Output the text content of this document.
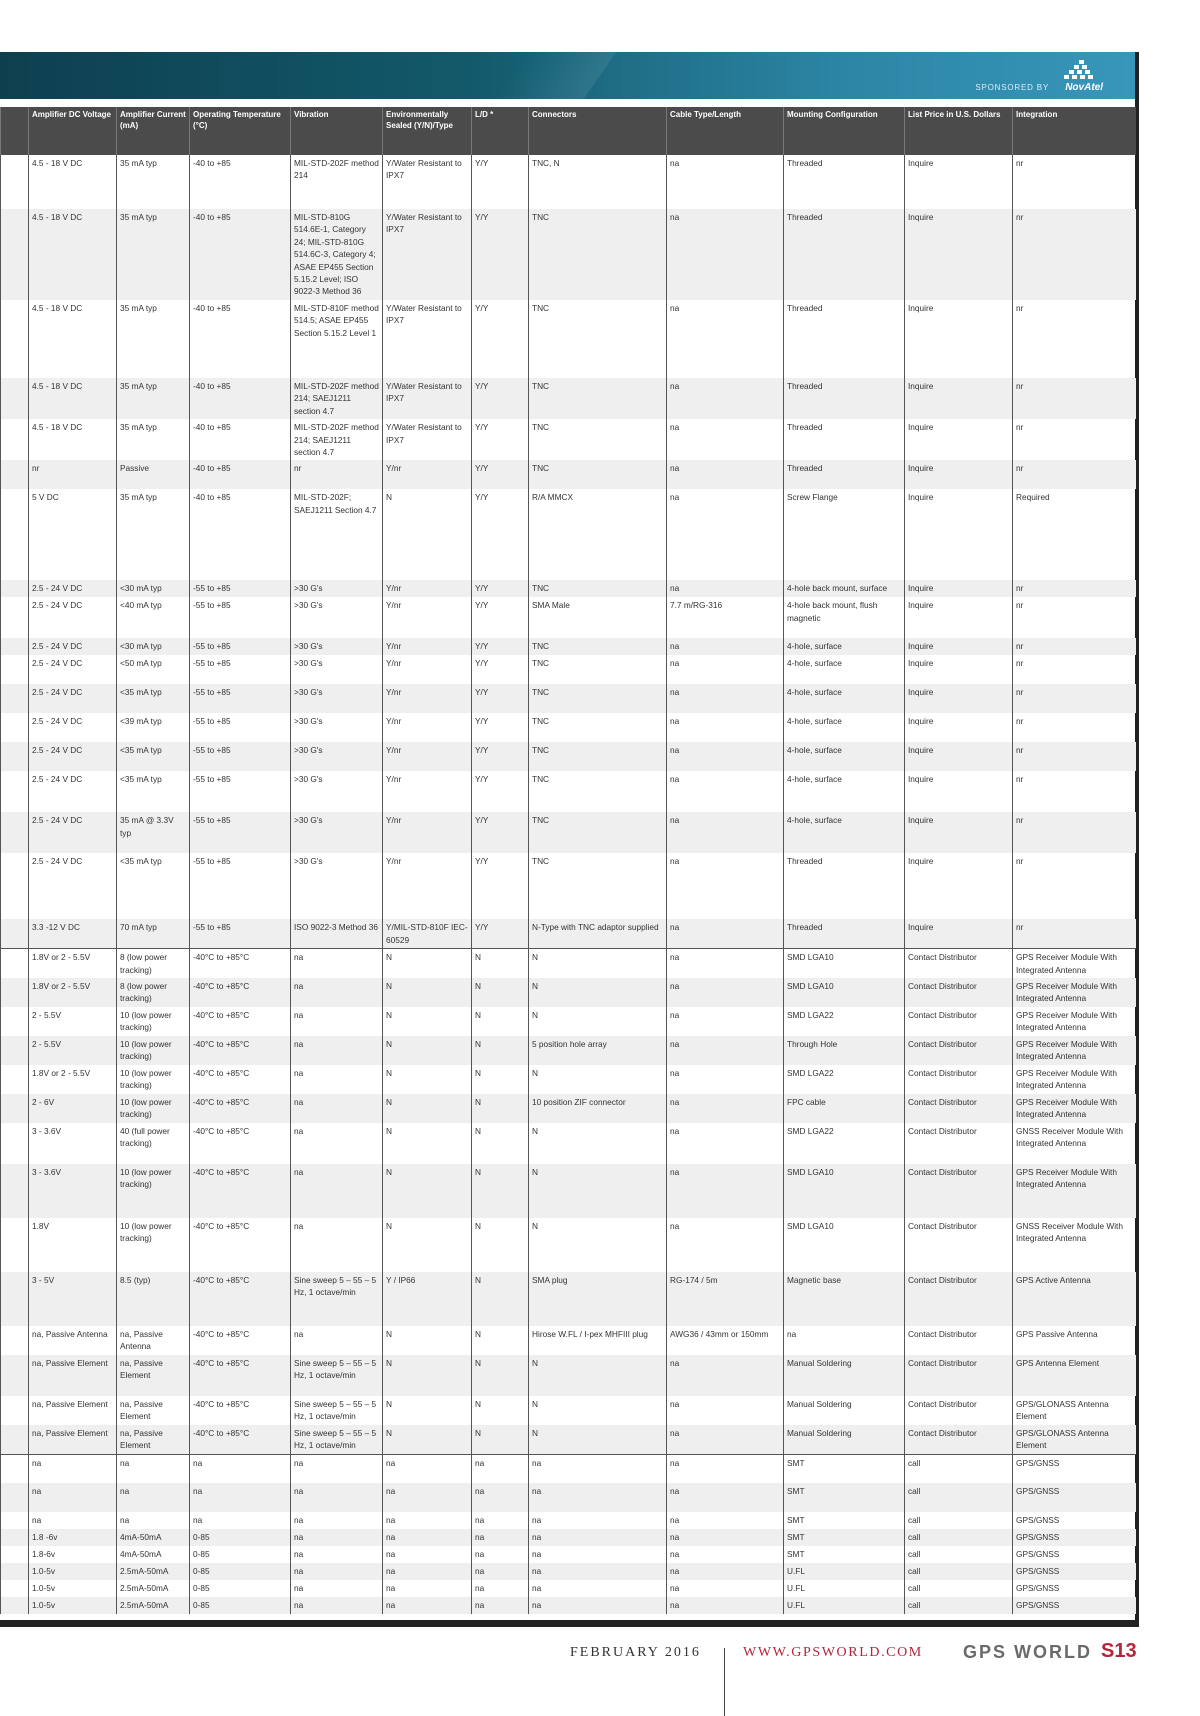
SPONSORED BY NovAtel
	Amplifier DC Voltage	Amplifier Current (mA)	Operating Temperature (°C)	Vibration	Environmentally Sealed (Y/N)/Type	L/D *	Connectors	Cable Type/Length	Mounting Configuration	List Price in U.S. Dollars	Integration
	4.5 - 18 V DC	35 mA typ	-40 to +85	MIL-STD-202F method 214	Y/Water Resistant to IPX7	Y/Y	TNC, N	na	Threaded	Inquire	nr
	4.5 - 18 V DC	35 mA typ	-40 to +85	MIL-STD-810G 514.6E-1, Category 24; MIL-STD-810G 514.6C-3, Category 4; ASAE EP455 Section 5.15.2 Level; ISO 9022-3 Method 36	Y/Water Resistant to IPX7	Y/Y	TNC	na	Threaded	Inquire	nr
	4.5 - 18 V DC	35 mA typ	-40 to +85	MIL-STD-810F method 514.5; ASAE EP455 Section 5.15.2 Level 1	Y/Water Resistant to IPX7	Y/Y	TNC	na	Threaded	Inquire	nr
	4.5 - 18 V DC	35 mA typ	-40 to +85	MIL-STD-202F method 214; SAEJ1211 section 4.7	Y/Water Resistant to IPX7	Y/Y	TNC	na	Threaded	Inquire	nr
	4.5 - 18 V DC	35 mA typ	-40 to +85	MIL-STD-202F method 214; SAEJ1211 section 4.7	Y/Water Resistant to IPX7	Y/Y	TNC	na	Threaded	Inquire	nr
	nr	Passive	-40 to +85	nr	Y/nr	Y/Y	TNC	na	Threaded	Inquire	nr
	5 V DC	35 mA typ	-40 to +85	MIL-STD-202F; SAEJ1211 Section 4.7	N	Y/Y	R/A MMCX	na	Screw Flange	Inquire	Required
	2.5 - 24 V DC	<30 mA typ	-55 to +85	>30 G's	Y/nr	Y/Y	TNC	na	4-hole back mount, surface	Inquire	nr
	2.5 - 24 V DC	<40 mA typ	-55 to +85	>30 G's	Y/nr	Y/Y	SMA Male	7.7 m/RG-316	4-hole back mount, flush magnetic	Inquire	nr
	2.5 - 24 V DC	<30 mA typ	-55 to +85	>30 G's	Y/nr	Y/Y	TNC	na	4-hole, surface	Inquire	nr
	2.5 - 24 V DC	<50 mA typ	-55 to +85	>30 G's	Y/nr	Y/Y	TNC	na	4-hole, surface	Inquire	nr
	2.5 - 24 V DC	<35 mA typ	-55 to +85	>30 G's	Y/nr	Y/Y	TNC	na	4-hole, surface	Inquire	nr
	2.5 - 24 V DC	<39 mA typ	-55 to +85	>30 G's	Y/nr	Y/Y	TNC	na	4-hole, surface	Inquire	nr
	2.5 - 24 V DC	<35 mA typ	-55 to +85	>30 G's	Y/nr	Y/Y	TNC	na	4-hole, surface	Inquire	nr
	2.5 - 24 V DC	<35 mA typ	-55 to +85	>30 G's	Y/nr	Y/Y	TNC	na	4-hole, surface	Inquire	nr
	2.5 - 24 V DC	35 mA @ 3.3V typ	-55 to +85	>30 G's	Y/nr	Y/Y	TNC	na	4-hole, surface	Inquire	nr
	2.5 - 24 V DC	<35 mA typ	-55 to +85	>30 G's	Y/nr	Y/Y	TNC	na	Threaded	Inquire	nr
	3.3 -12 V DC	70 mA typ	-55 to +85	ISO 9022-3 Method 36	Y/MIL-STD-810F IEC-60529	Y/Y	N-Type with TNC adaptor supplied	na	Threaded	Inquire	nr
	1.8V or 2 - 5.5V	8 (low power tracking)	-40°C to +85°C	na	N	N	N	na	SMD LGA10	Contact Distributor	GPS Receiver Module With Integrated Antenna
	1.8V or 2 - 5.5V	8 (low power tracking)	-40°C to +85°C	na	N	N	N	na	SMD LGA10	Contact Distributor	GPS Receiver Module With Integrated Antenna
	2 - 5.5V	10 (low power tracking)	-40°C to +85°C	na	N	N	N	na	SMD LGA22	Contact Distributor	GPS Receiver Module With Integrated Antenna
	2 - 5.5V	10 (low power tracking)	-40°C to +85°C	na	N	N	5 position hole array	na	Through Hole	Contact Distributor	GPS Receiver Module With Integrated Antenna
	1.8V or 2 - 5.5V	10 (low power tracking)	-40°C to +85°C	na	N	N	N	na	SMD LGA22	Contact Distributor	GPS Receiver Module With Integrated Antenna
	2 - 6V	10 (low power tracking)	-40°C to +85°C	na	N	N	10 position ZIF connector	na	FPC cable	Contact Distributor	GPS Receiver Module With Integrated Antenna
	3 - 3.6V	40 (full power tracking)	-40°C to +85°C	na	N	N	N	na	SMD LGA22	Contact Distributor	GNSS Receiver Module With Integrated Antenna
	3 - 3.6V	10 (low power tracking)	-40°C to +85°C	na	N	N	N	na	SMD LGA10	Contact Distributor	GPS Receiver Module With Integrated Antenna
	1.8V	10 (low power tracking)	-40°C to +85°C	na	N	N	N	na	SMD LGA10	Contact Distributor	GNSS Receiver Module With Integrated Antenna
	3 - 5V	8.5 (typ)	-40°C to +85°C	Sine sweep 5 – 55 – 5 Hz, 1 octave/min	Y / IP66	N	SMA plug	RG-174 / 5m	Magnetic base	Contact Distributor	GPS Active Antenna
	na, Passive Antenna	na, Passive Antenna	-40°C to +85°C	na	N	N	Hirose W.FL / I-pex MHFIII plug	AWG36 / 43mm or 150mm	na	Contact Distributor	GPS Passive Antenna
	na, Passive Element	na, Passive Element	-40°C to +85°C	Sine sweep 5 – 55 – 5 Hz, 1 octave/min	N	N	N	na	Manual Soldering	Contact Distributor	GPS Antenna Element
	na, Passive Element	na, Passive Element	-40°C to +85°C	Sine sweep 5 – 55 – 5 Hz, 1 octave/min	N	N	N	na	Manual Soldering	Contact Distributor	GPS/GLONASS Antenna Element
	na, Passive Element	na, Passive Element	-40°C to +85°C	Sine sweep 5 – 55 – 5 Hz, 1 octave/min	N	N	N	na	Manual Soldering	Contact Distributor	GPS/GLONASS Antenna Element
	na	na	na	na	na	na	na	na	SMT	call	GPS/GNSS
	na	na	na	na	na	na	na	na	SMT	call	GPS/GNSS
	na	na	na	na	na	na	na	na	SMT	call	GPS/GNSS
	1.8 -6v	4mA-50mA	0-85	na	na	na	na	na	SMT	call	GPS/GNSS
	1.8-6v	4mA-50mA	0-85	na	na	na	na	na	SMT	call	GPS/GNSS
	1.0-5v	2.5mA-50mA	0-85	na	na	na	na	na	U.FL	call	GPS/GNSS
	1.0-5v	2.5mA-50mA	0-85	na	na	na	na	na	U.FL	call	GPS/GNSS
	1.0-5v	2.5mA-50mA	0-85	na	na	na	na	na	U.FL	call	GPS/GNSS
FEBRUARY 2016	WWW.GPSWORLD.COM GPS WORLD S13
